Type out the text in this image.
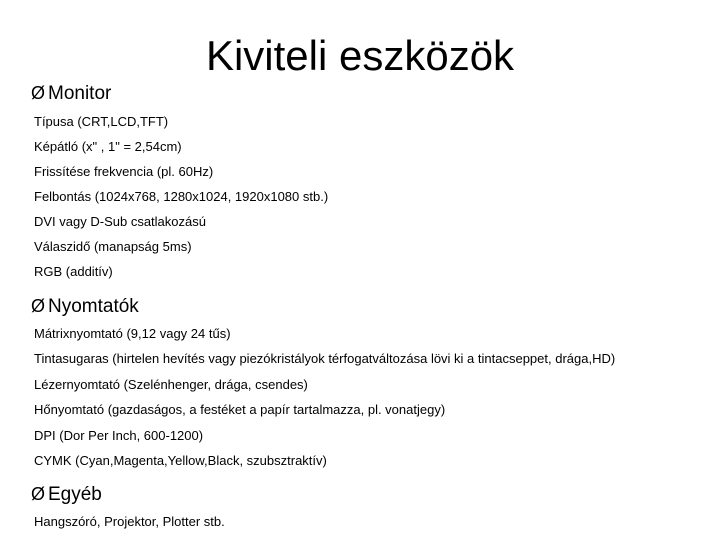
Kiviteli eszközök
Ø Monitor
Típusa (CRT,LCD,TFT)
Képátló (x" , 1" = 2,54cm)
Frissítése frekvencia (pl. 60Hz)
Felbontás (1024x768, 1280x1024, 1920x1080 stb.)
DVI vagy D-Sub csatlakozású
Válaszidő (manapság 5ms)
RGB (additív)
Ø Nyomtatók
Mátrixnyomtató (9,12 vagy 24 tűs)
Tintasugaras (hirtelen hevítés vagy piezókristályok térfogatváltozása lövi ki a tintacseppet, drága,HD)
Lézernyomtató (Szelénhenger, drága, csendes)
Hőnyomtató (gazdaságos, a festéket a papír tartalmazza, pl. vonatjegy)
DPI (Dor Per Inch, 600-1200)
CYMK (Cyan,Magenta,Yellow,Black, szubsztraktív)
Ø Egyéb
Hangszóró, Projektor, Plotter stb.
